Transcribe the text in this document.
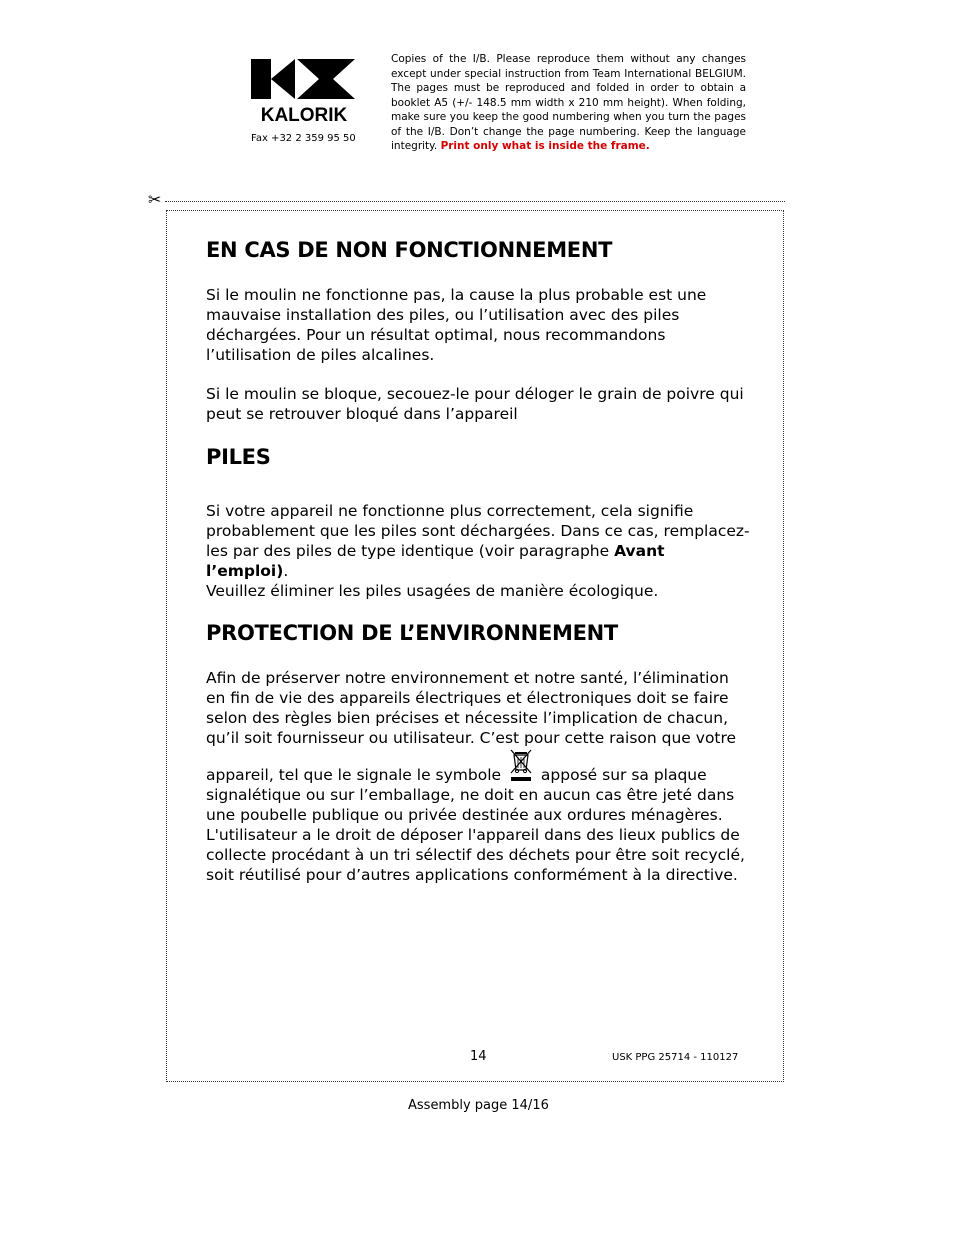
KALORIK
Fax +32 2 359 95 50
Copies of the I/B. Please reproduce them without any changes except under special instruction from Team International BELGIUM. The pages must be reproduced and folded in order to obtain a booklet A5 (+/- 148.5 mm width x 210 mm height). When folding, make sure you keep the good numbering when you turn the pages of the I/B. Don’t change the page numbering. Keep the language integrity. Print only what is inside the frame.
✂
EN CAS DE NON FONCTIONNEMENT

Si le moulin ne fonctionne pas, la cause la plus probable est une mauvaise installation des piles, ou l’utilisation avec des piles déchargées. Pour un résultat optimal, nous recommandons l’utilisation de piles alcalines.

Si le moulin se bloque, secouez-le pour déloger le grain de poivre qui peut se retrouver bloqué dans l’appareil

PILES
Si votre appareil ne fonctionne plus correctement, cela signifie probablement que les piles sont déchargées. Dans ce cas, remplacez-les par des piles de type identique (voir paragraphe Avant l’emploi).
Veuillez éliminer les piles usagées de manière écologique.
PROTECTION DE L’ENVIRONNEMENT
Afin de préserver notre environnement et notre santé, l’élimination en fin de vie des appareils électriques et électroniques doit se faire selon des règles bien précises et nécessite l’implication de chacun, qu’il soit fournisseur ou utilisateur. C’est pour cette raison que votre appareil, tel que le signale le symbole	apposé sur sa plaque signalétique ou sur l’emballage, ne doit en aucun cas être jeté dans une poubelle publique ou privée destinée aux ordures ménagères. L'utilisateur a le droit de déposer l'appareil dans des lieux publics de collecte procédant à un tri sélectif des déchets pour être soit recyclé, soit réutilisé pour d’autres applications conformément à la directive.
14	USK PPG 25714 - 110127
Assembly page 14/16
